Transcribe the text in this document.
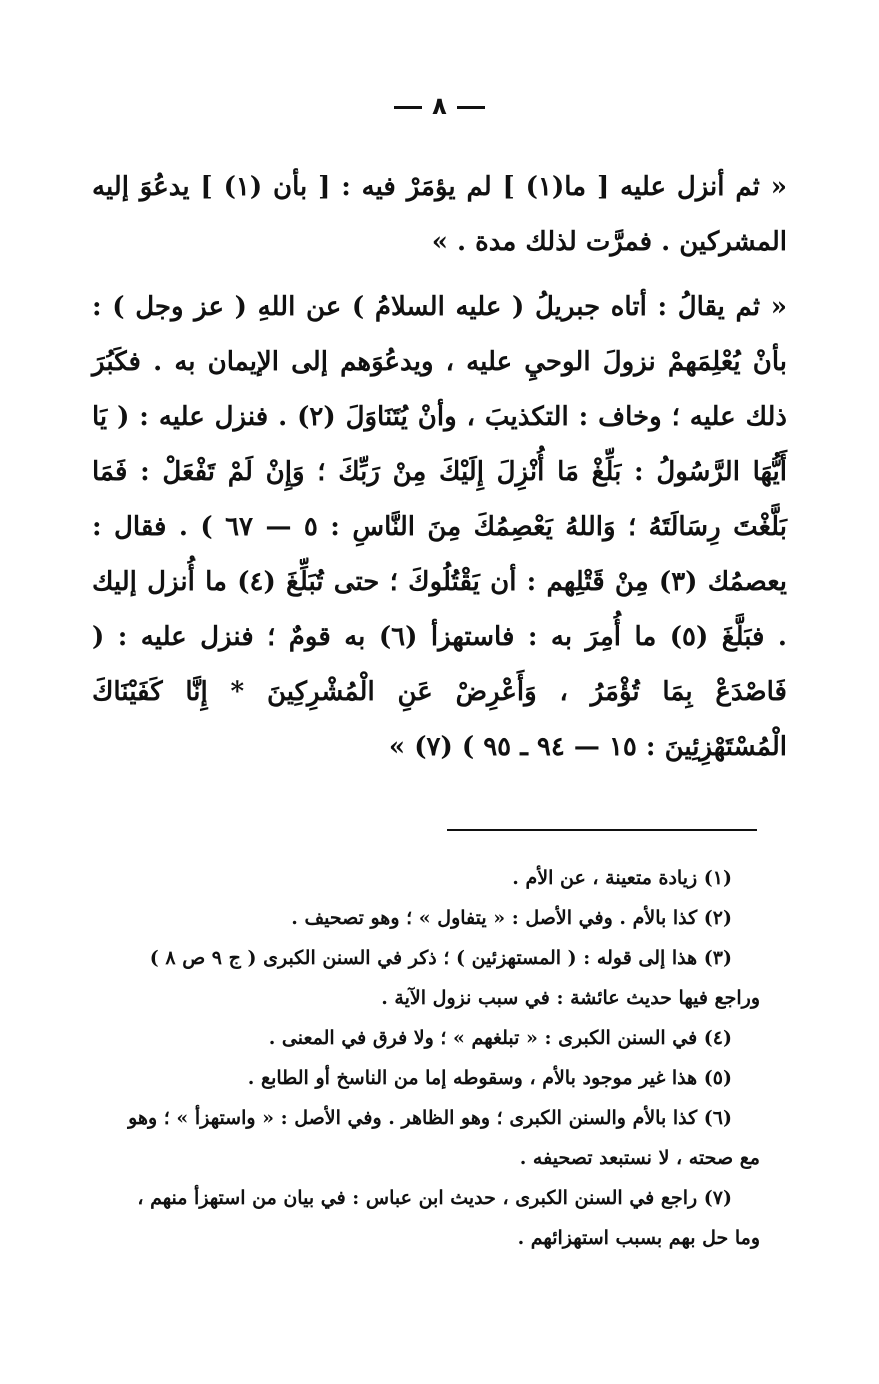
٨

« ثم أنزل عليه [ ما(١) ] لم يؤمَرْ فيه : [ بأن (١) ] يدعُوَ إليه المشركين . فمرَّت لذلك مدة . »

« ثم يقالُ : أتاه جبريلُ ( عليه السلامُ ) عن اللهِ ( عز وجل ) : بأنْ يُعْلِمَهمْ نزولَ الوحيِ عليه ، ويدعُوَهم إلى الإيمان به . فكَبُرَ ذلك عليه ؛ وخاف : التكذيبَ ، وأنْ يُتَنَاوَلَ (٢) . فنزل عليه : ( يَا أَيُّهَا الرَّسُولُ : بَلِّغْ مَا أُنْزِلَ إِلَيْكَ مِنْ رَبِّكَ ؛ وَإِنْ لَمْ تَفْعَلْ : فَمَا بَلَّغْتَ رِسَالَتَهُ ؛ وَاللهُ يَعْصِمُكَ مِنَ النَّاسِ : ٥ — ٦٧ ) . فقال : يعصمُك (٣) مِنْ قَتْلِهم : أن يَقْتُلُوكَ ؛ حتى تُبَلِّغَ (٤) ما أُنزل إليك . فبَلَّغَ (٥) ما أُمِرَ به : فاستهزأ (٦) به قومٌ ؛ فنزل عليه : ( فَاصْدَعْ بِمَا تُؤْمَرُ ، وَأَعْرِضْ عَنِ الْمُشْرِكِينَ * إِنَّا كَفَيْنَاكَ الْمُسْتَهْزِئِينَ : ١٥ — ٩٤ ـ ٩٥ ) (٧) »

(١) زيادة متعينة ، عن الأم .

(٢) كذا بالأم . وفي الأصل : « يتفاول » ؛ وهو تصحيف .

(٣) هذا إلى قوله : ( المستهزئين ) ؛ ذكر في السنن الكبرى ( ج ٩ ص ٨ )
وراجع فيها حديث عائشة : في سبب نزول الآية .

(٤) في السنن الكبرى : « تبلغهم » ؛ ولا فرق في المعنى .

(٥) هذا غير موجود بالأم ، وسقوطه إما من الناسخ أو الطابع .

(٦) كذا بالأم والسنن الكبرى ؛ وهو الظاهر . وفي الأصل : « واستهزأ » ؛ وهو
مع صحته ، لا نستبعد تصحيفه .

(٧) راجع في السنن الكبرى ، حديث ابن عباس : في بيان من استهزأ منهم ،
وما حل بهم بسبب استهزائهم .
